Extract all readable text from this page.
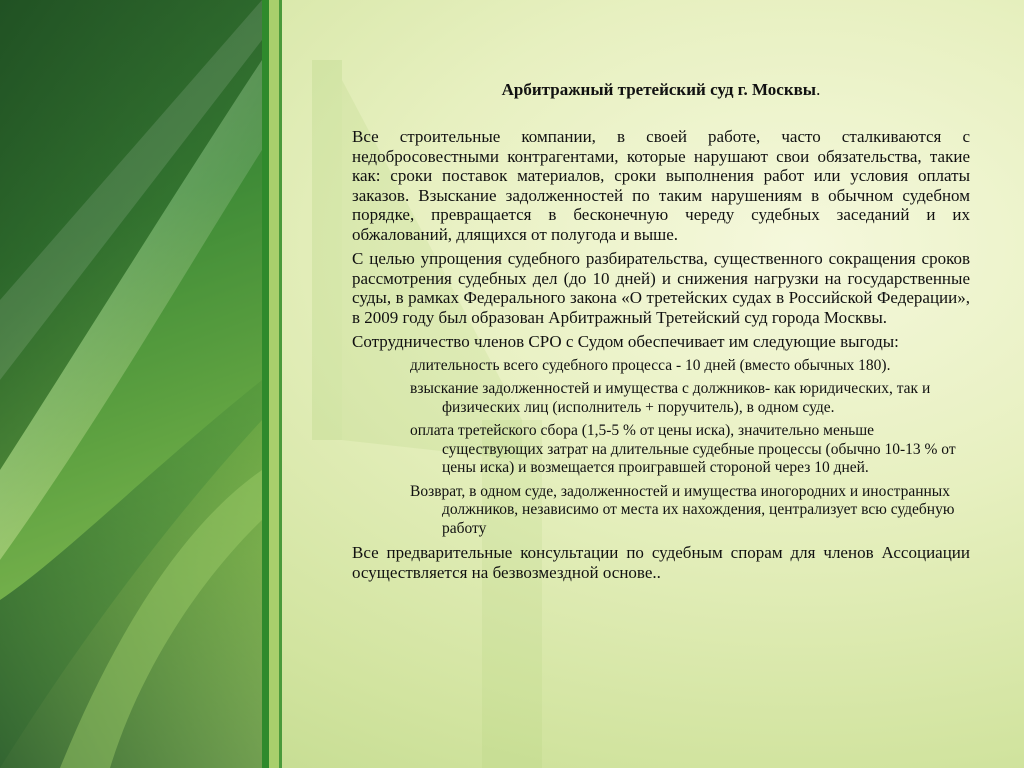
Арбитражный третейский суд г. Москвы.

Все строительные компании, в своей работе, часто сталкиваются с недобросовестными контрагентами, которые нарушают свои обязательства, такие как: сроки поставок материалов, сроки выполнения работ или условия оплаты заказов. Взыскание задолженностей по таким нарушениям в обычном судебном порядке, превращается в бесконечную череду судебных заседаний и их обжалований, длящихся от полугода и выше.

С целью упрощения судебного разбирательства, существенного сокращения сроков рассмотрения судебных дел (до 10 дней) и снижения нагрузки на государственные суды, в рамках Федерального закона «О третейских судах в Российской Федерации», в 2009 году был образован Арбитражный Третейский суд города Москвы.

Сотрудничество членов СРО с Судом обеспечивает им следующие выгоды:

длительность всего судебного процесса - 10 дней (вместо обычных 180).
взыскание задолженностей и имущества с должников- как юридических, так и физических лиц (исполнитель + поручитель), в одном суде.
оплата третейского сбора (1,5-5 % от цены иска), значительно меньше существующих затрат на длительные судебные процессы (обычно 10-13 % от цены иска) и возмещается проигравшей стороной через 10 дней.
Возврат, в одном суде, задолженностей и имущества иногородних и иностранных должников, независимо от места их нахождения, централизует всю судебную работу

Все предварительные консультации по судебным спорам для членов Ассоциации осуществляется на безвозмездной основе..
